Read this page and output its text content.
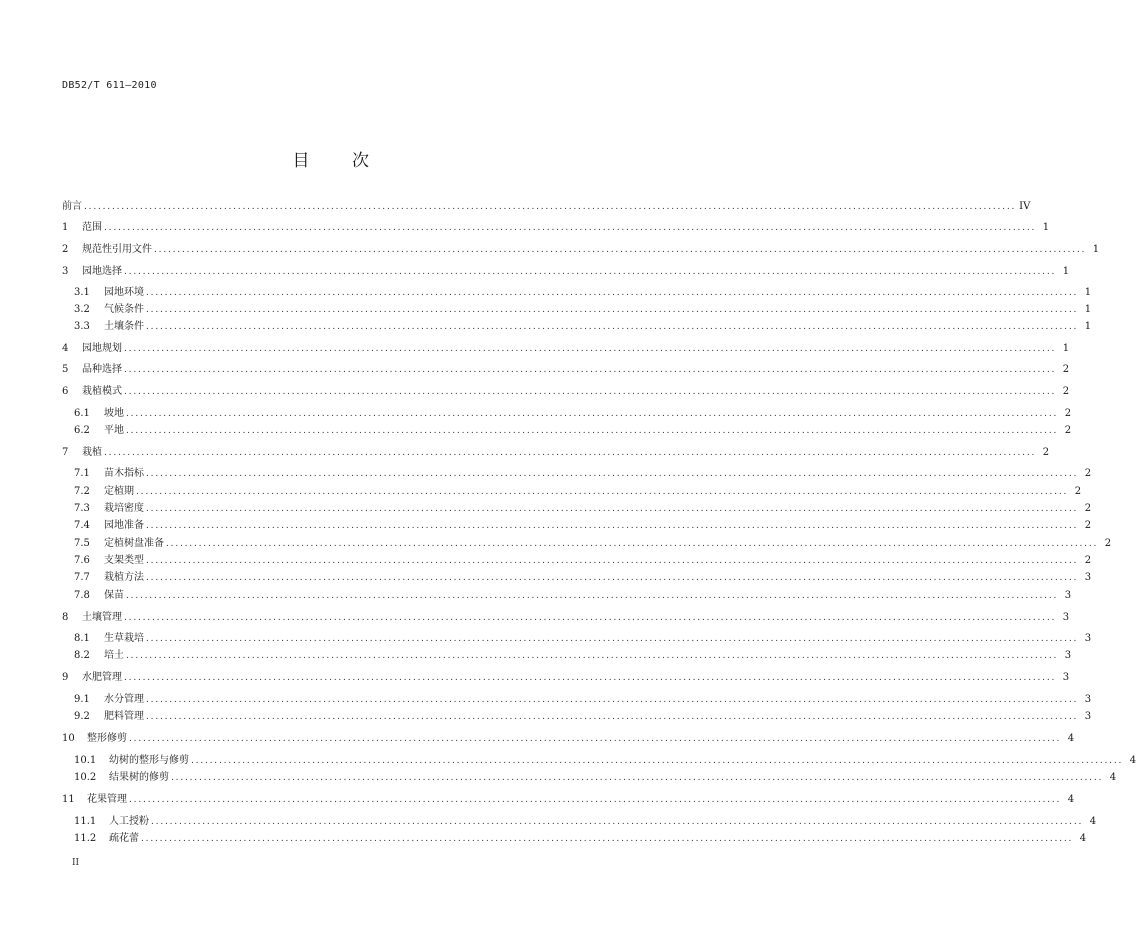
DB52/T 611—2010
目 次
前言 ........................................................................................................................................................................................................ IV
1	范围 ........................................................................................................................................................................................................ 1
2	规范性引用文件 ........................................................................................................................................................................................................ 1
3	园地选择 ........................................................................................................................................................................................................ 1
3.1	园地环境 ........................................................................................................................................................................................................ 1
3.2	气候条件 ........................................................................................................................................................................................................ 1
3.3	土壤条件 ........................................................................................................................................................................................................ 1
4	园地规划 ........................................................................................................................................................................................................ 1
5	品种选择 ........................................................................................................................................................................................................ 2
6	栽植模式 ........................................................................................................................................................................................................ 2
6.1	坡地 ........................................................................................................................................................................................................ 2
6.2	平地 ........................................................................................................................................................................................................ 2
7	栽植 ........................................................................................................................................................................................................ 2
7.1	苗木指标 ........................................................................................................................................................................................................ 2
7.2	定植期 ........................................................................................................................................................................................................ 2
7.3	栽培密度 ........................................................................................................................................................................................................ 2
7.4	园地准备 ........................................................................................................................................................................................................ 2
7.5	定植树盘准备 ........................................................................................................................................................................................................ 2
7.6	支架类型 ........................................................................................................................................................................................................ 2
7.7	栽植方法 ........................................................................................................................................................................................................ 3
7.8	保苗 ........................................................................................................................................................................................................ 3
8	土壤管理 ........................................................................................................................................................................................................ 3
8.1	生草栽培 ........................................................................................................................................................................................................ 3
8.2	培土 ........................................................................................................................................................................................................ 3
9	水肥管理 ........................................................................................................................................................................................................ 3
9.1	水分管理 ........................................................................................................................................................................................................ 3
9.2	肥料管理 ........................................................................................................................................................................................................ 3
10	整形修剪 ........................................................................................................................................................................................................ 4
10.1	幼树的整形与修剪 ........................................................................................................................................................................................................ 4
10.2	结果树的修剪 ........................................................................................................................................................................................................ 4
11	花果管理 ........................................................................................................................................................................................................ 4
11.1	人工授粉 ........................................................................................................................................................................................................ 4
11.2	疏花蕾 ........................................................................................................................................................................................................ 4
II
